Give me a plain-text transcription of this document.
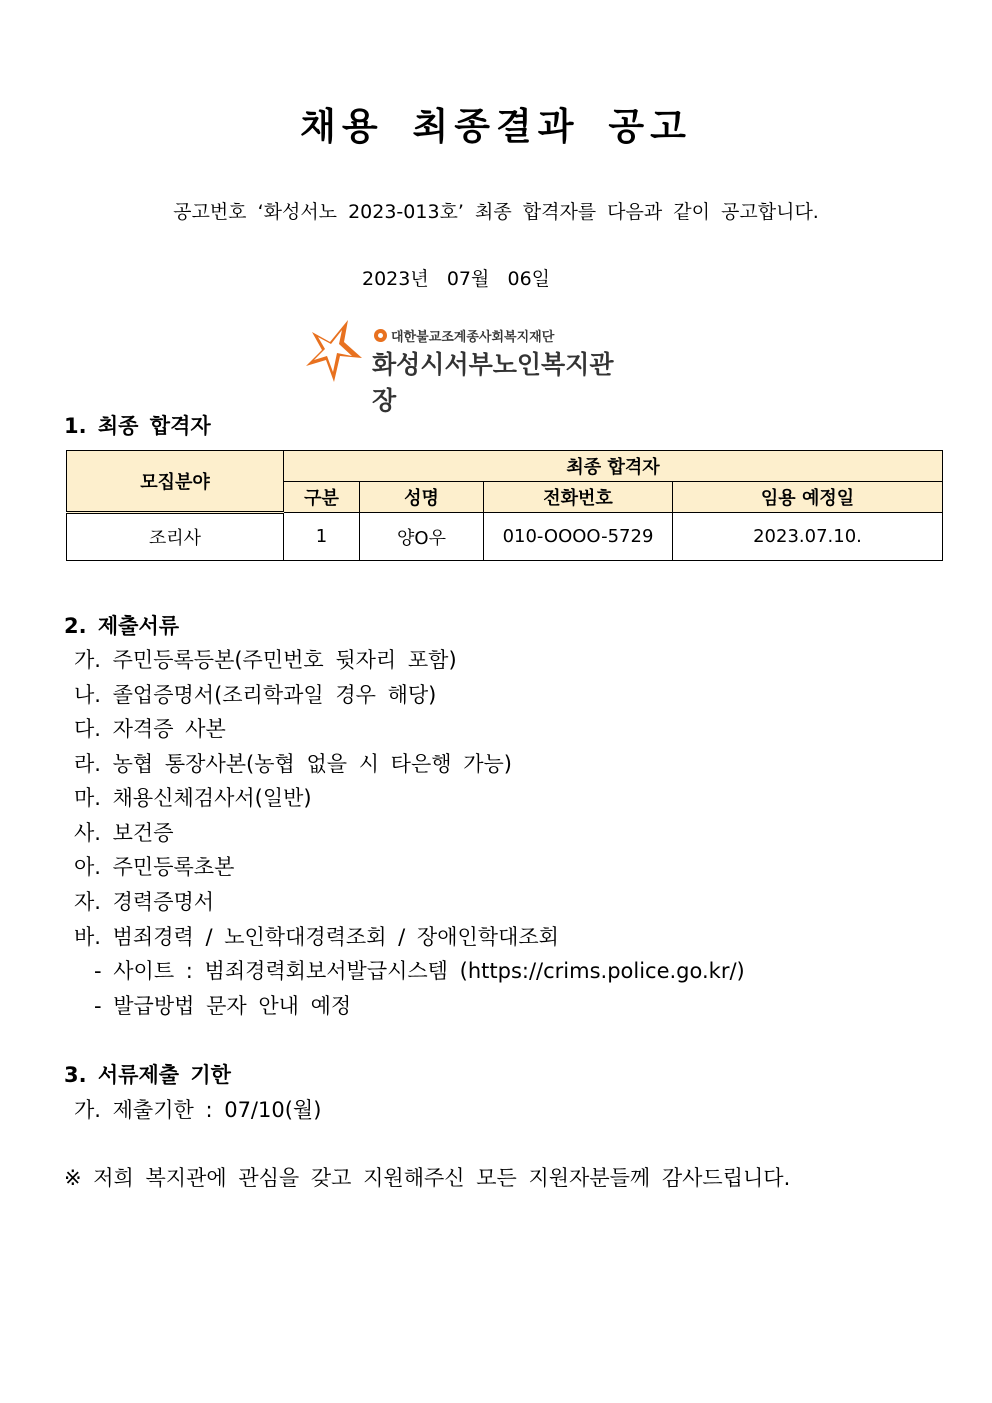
채용 최종결과 공고
공고번호 ‘화성서노 2023-013호’ 최종 합격자를 다음과 같이 공고합니다.
2023년   07월   06일
대한불교조계종사회복지재단
화성시서부노인복지관장
1. 최종 합격자
모집분야	최종 합격자			
	구분	성명	전화번호	임용 예정일
조리사	1	양O우	010-OOOO-5729	2023.07.10.
2. 제출서류
가. 주민등록등본(주민번호 뒷자리 포함)
나. 졸업증명서(조리학과일 경우 해당)
다. 자격증 사본
라. 농협 통장사본(농협 없을 시 타은행 가능)
마. 채용신체검사서(일반)
사. 보건증
아. 주민등록초본
자. 경력증명서
바. 범죄경력 / 노인학대경력조회 / 장애인학대조회
- 사이트 : 범죄경력회보서발급시스템 (https://crims.police.go.kr/)
- 발급방법 문자 안내 예정
3. 서류제출 기한
가. 제출기한 : 07/10(월)
※ 저희 복지관에 관심을 갖고 지원해주신 모든 지원자분들께 감사드립니다.
